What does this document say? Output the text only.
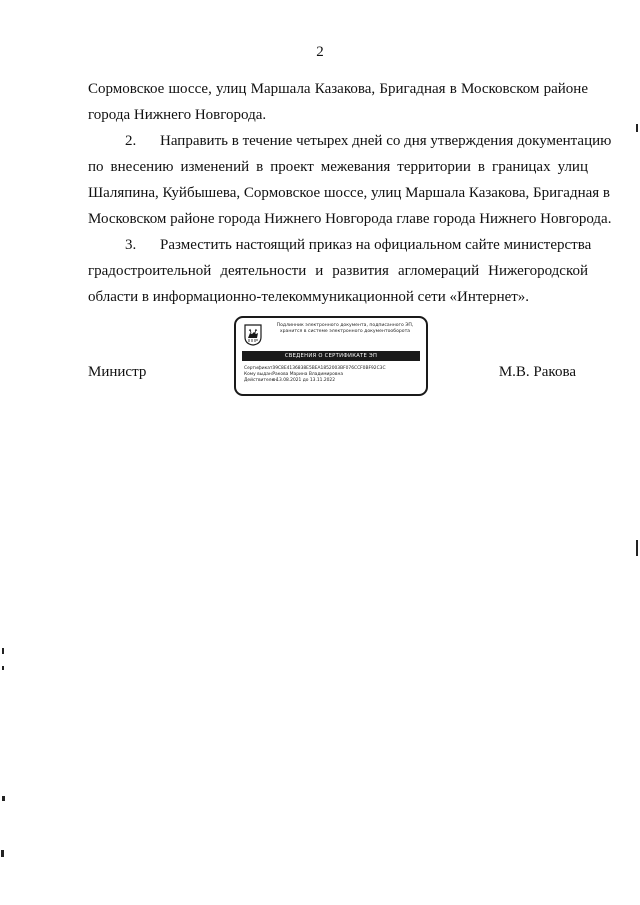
2
Сормовское шоссе, улиц Маршала Казакова, Бригадная в Московском районе
города Нижнего Новгорода.
2. Направить в течение четырех дней со дня утверждения документацию
по внесению изменений в проект межевания территории в границах улиц
Шаляпина, Куйбышева, Сормовское шоссе, улиц Маршала Казакова, Бригадная в
Московском районе города Нижнего Новгорода главе города Нижнего Новгорода.
3. Разместить настоящий приказ на официальном сайте министерства
градостроительной деятельности и развития агломераций Нижегородской
области в информационно-телекоммуникационной сети «Интернет».
Министр	М.В. Ракова
Подлинник электронного документа, подписанного ЭП,
хранится в системе электронного документооборота
СВЕДЕНИЯ О СЕРТИФИКАТЕ ЭП
Сертификат: 39C8E4136838E5BEA1852003BF076CCF0BF92C3C
Кому выдан: Ракова Марина Владимировна
Действителен: с 13.08.2021 до 13.11.2022
